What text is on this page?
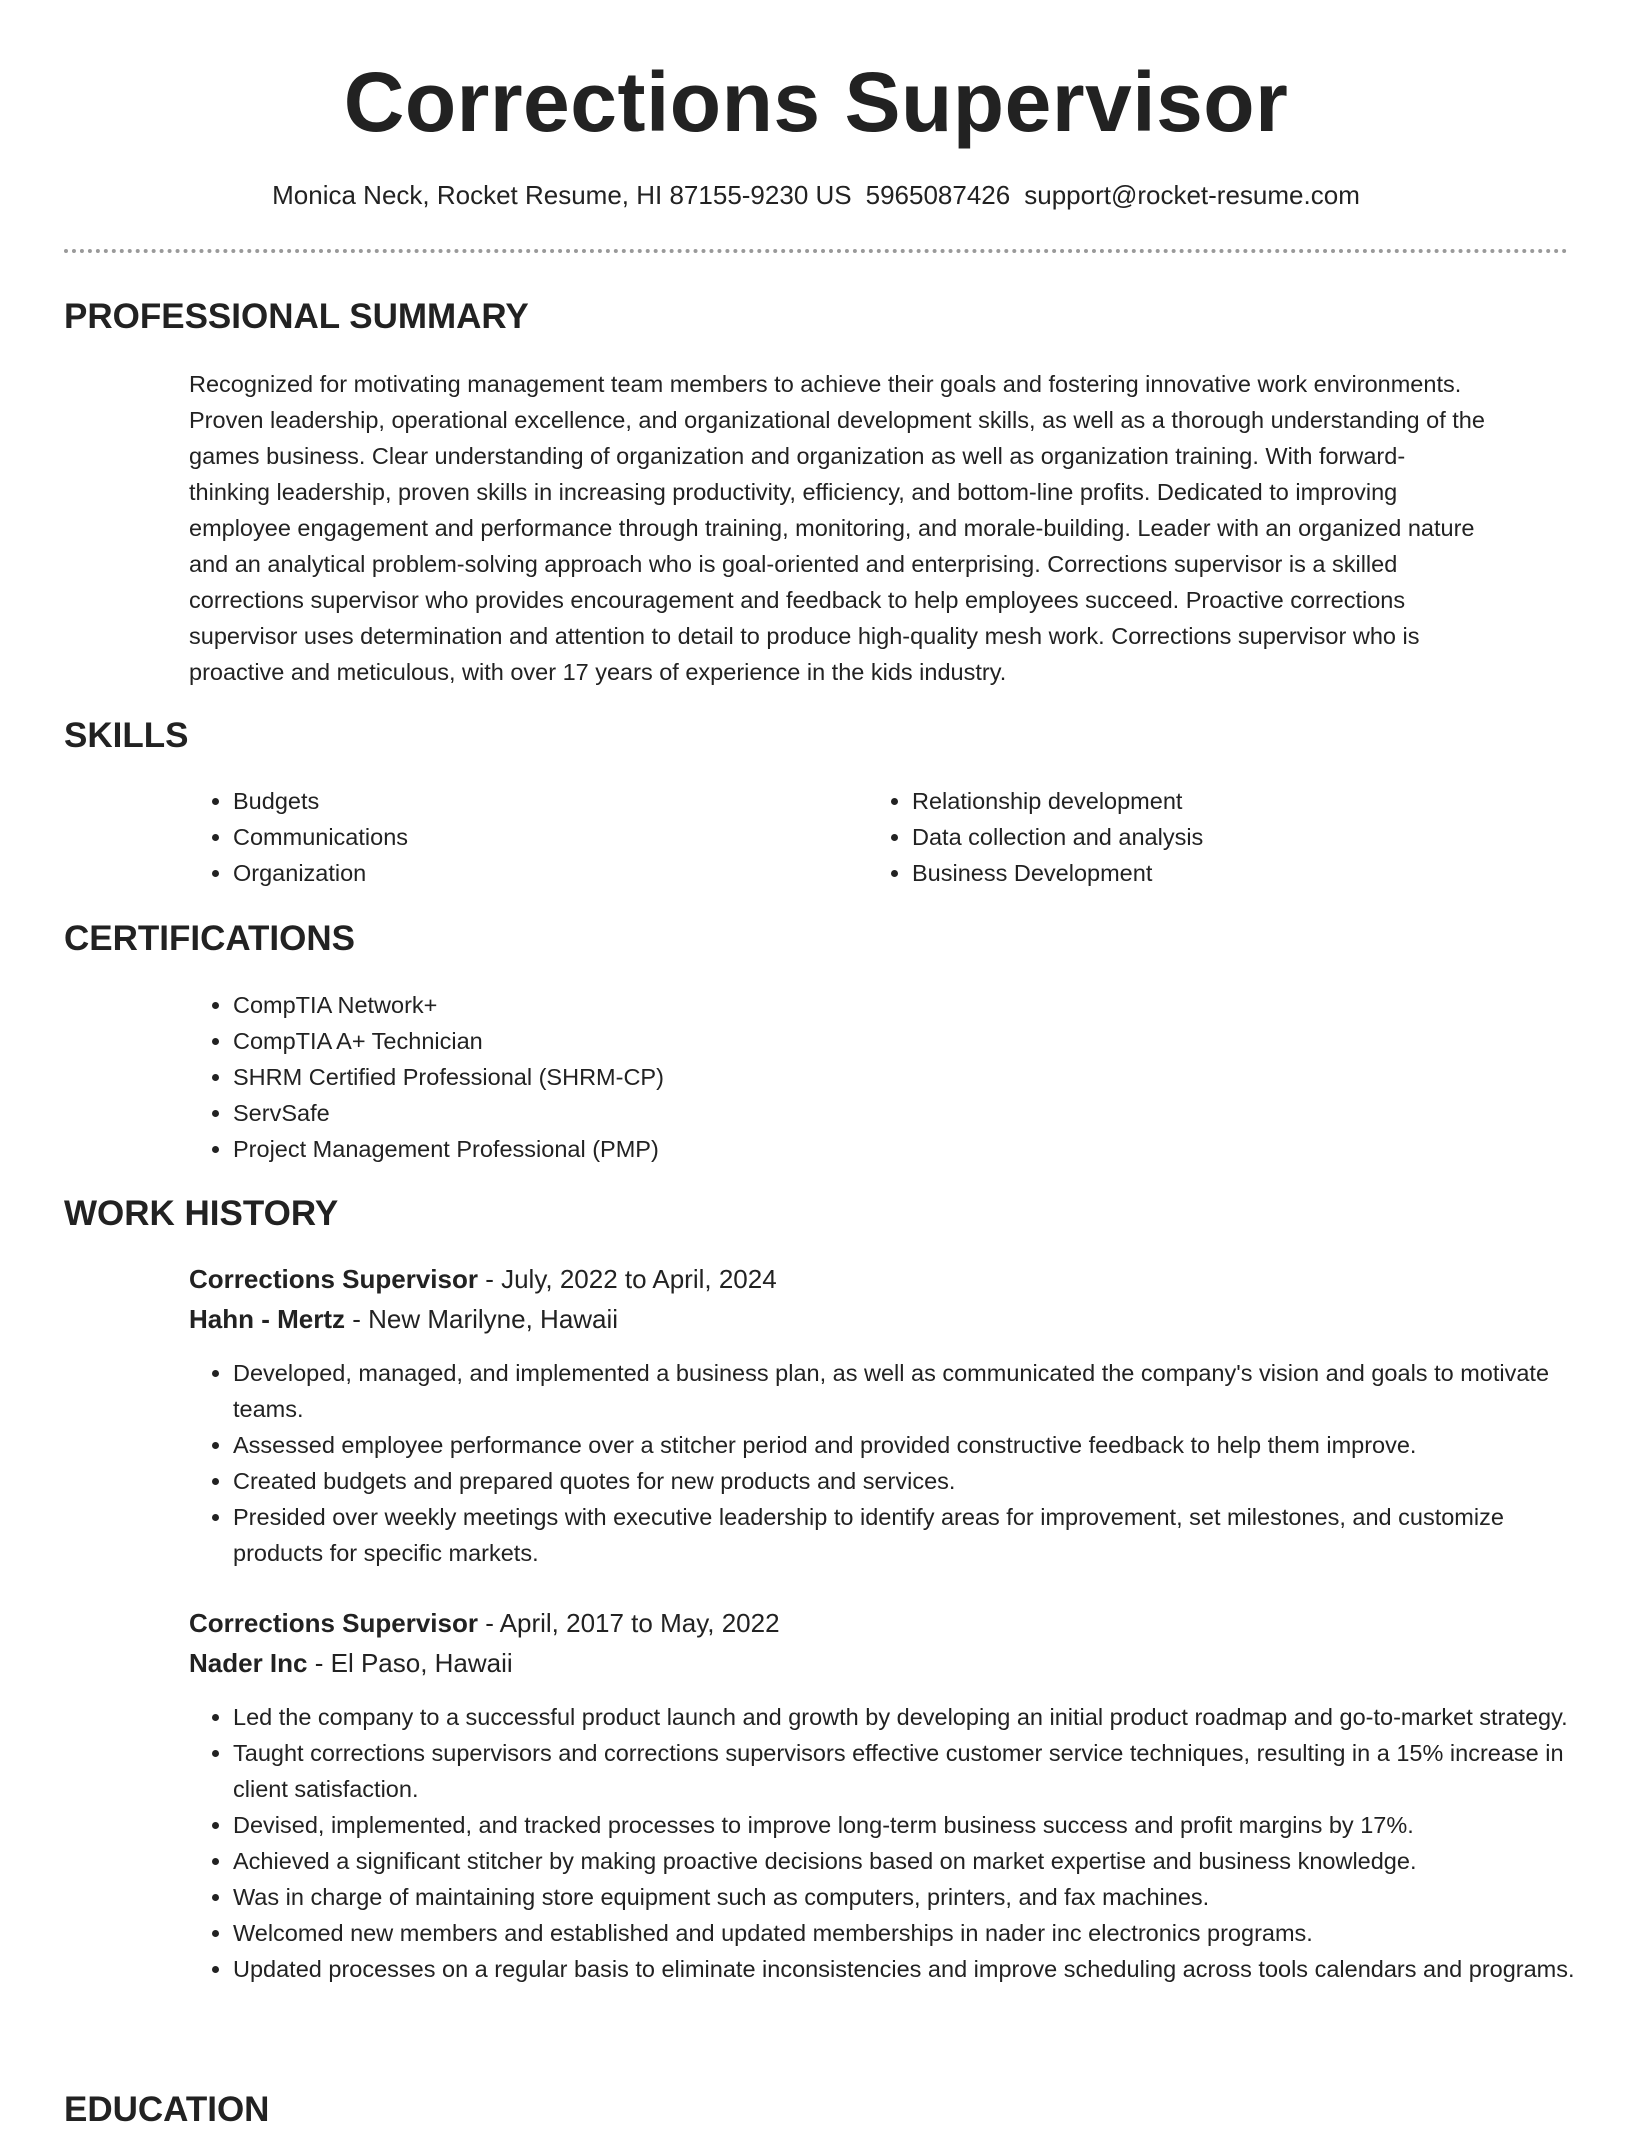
Corrections Supervisor
Monica Neck, Rocket Resume, HI 87155-9230 US 5965087426 support@rocket-resume.com
PROFESSIONAL SUMMARY
Recognized for motivating management team members to achieve their goals and fostering innovative work environments.
Proven leadership, operational excellence, and organizational development skills, as well as a thorough understanding of the
games business. Clear understanding of organization and organization as well as organization training. With forward-
thinking leadership, proven skills in increasing productivity, efficiency, and bottom-line profits. Dedicated to improving
employee engagement and performance through training, monitoring, and morale-building. Leader with an organized nature
and an analytical problem-solving approach who is goal-oriented and enterprising. Corrections supervisor is a skilled
corrections supervisor who provides encouragement and feedback to help employees succeed. Proactive corrections
supervisor uses determination and attention to detail to produce high-quality mesh work. Corrections supervisor who is
proactive and meticulous, with over 17 years of experience in the kids industry.
SKILLS
• Budgets
• Communications
• Organization
• Relationship development
• Data collection and analysis
• Business Development
CERTIFICATIONS
• CompTIA Network+
• CompTIA A+ Technician
• SHRM Certified Professional (SHRM-CP)
• ServSafe
• Project Management Professional (PMP)
WORK HISTORY
Corrections Supervisor - July, 2022 to April, 2024
Hahn - Mertz - New Marilyne, Hawaii
• Developed, managed, and implemented a business plan, as well as communicated the company's vision and goals to motivate teams.
• Assessed employee performance over a stitcher period and provided constructive feedback to help them improve.
• Created budgets and prepared quotes for new products and services.
• Presided over weekly meetings with executive leadership to identify areas for improvement, set milestones, and customize products for specific markets.
Corrections Supervisor - April, 2017 to May, 2022
Nader Inc - El Paso, Hawaii
• Led the company to a successful product launch and growth by developing an initial product roadmap and go-to-market strategy.
• Taught corrections supervisors and corrections supervisors effective customer service techniques, resulting in a 15% increase in client satisfaction.
• Devised, implemented, and tracked processes to improve long-term business success and profit margins by 17%.
• Achieved a significant stitcher by making proactive decisions based on market expertise and business knowledge.
• Was in charge of maintaining store equipment such as computers, printers, and fax machines.
• Welcomed new members and established and updated memberships in nader inc electronics programs.
• Updated processes on a regular basis to eliminate inconsistencies and improve scheduling across tools calendars and programs.
EDUCATION
